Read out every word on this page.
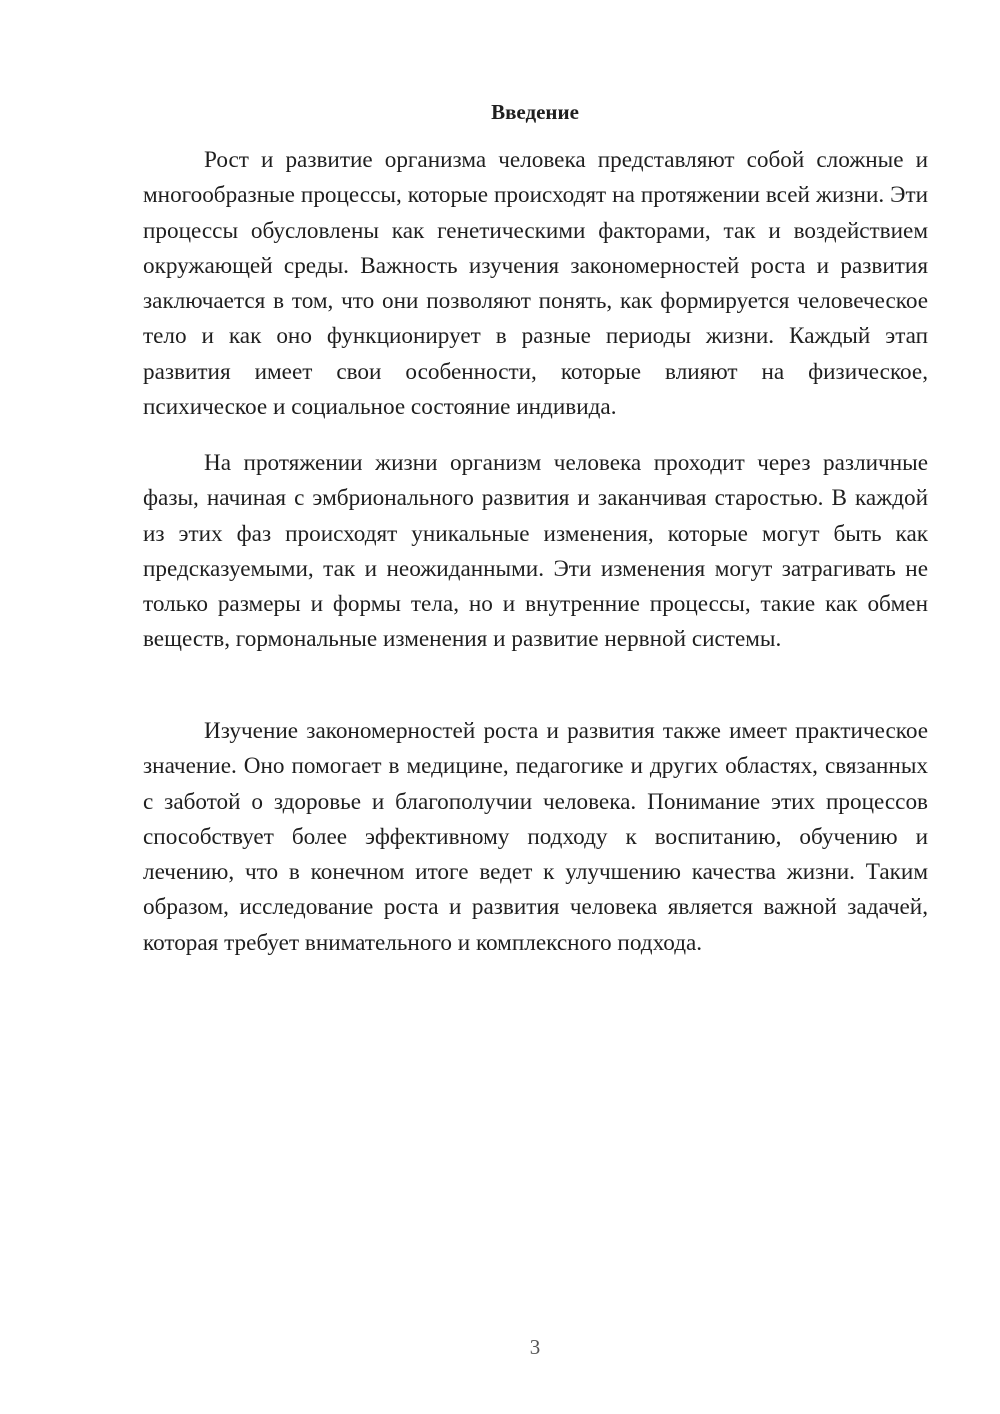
Введение

Рост и развитие организма человека представляют собой сложные и многообразные процессы, которые происходят на протяжении всей жизни. Эти процессы обусловлены как генетическими факторами, так и воздействием окружающей среды. Важность изучения закономерностей роста и развития заключается в том, что они позволяют понять, как формируется человеческое тело и как оно функционирует в разные периоды жизни. Каждый этап развития имеет свои особенности, которые влияют на физическое, психическое и социальное состояние индивида.

На протяжении жизни организм человека проходит через различные фазы, начиная с эмбрионального развития и заканчивая старостью. В каждой из этих фаз происходят уникальные изменения, которые могут быть как предсказуемыми, так и неожиданными. Эти изменения могут затрагивать не только размеры и формы тела, но и внутренние процессы, такие как обмен веществ, гормональные изменения и развитие нервной системы.

Изучение закономерностей роста и развития также имеет практическое значение. Оно помогает в медицине, педагогике и других областях, связанных с заботой о здоровье и благополучии человека. Понимание этих процессов способствует более эффективному подходу к воспитанию, обучению и лечению, что в конечном итоге ведет к улучшению качества жизни. Таким образом, исследование роста и развития человека является важной задачей, которая требует внимательного и комплексного подхода.

3
